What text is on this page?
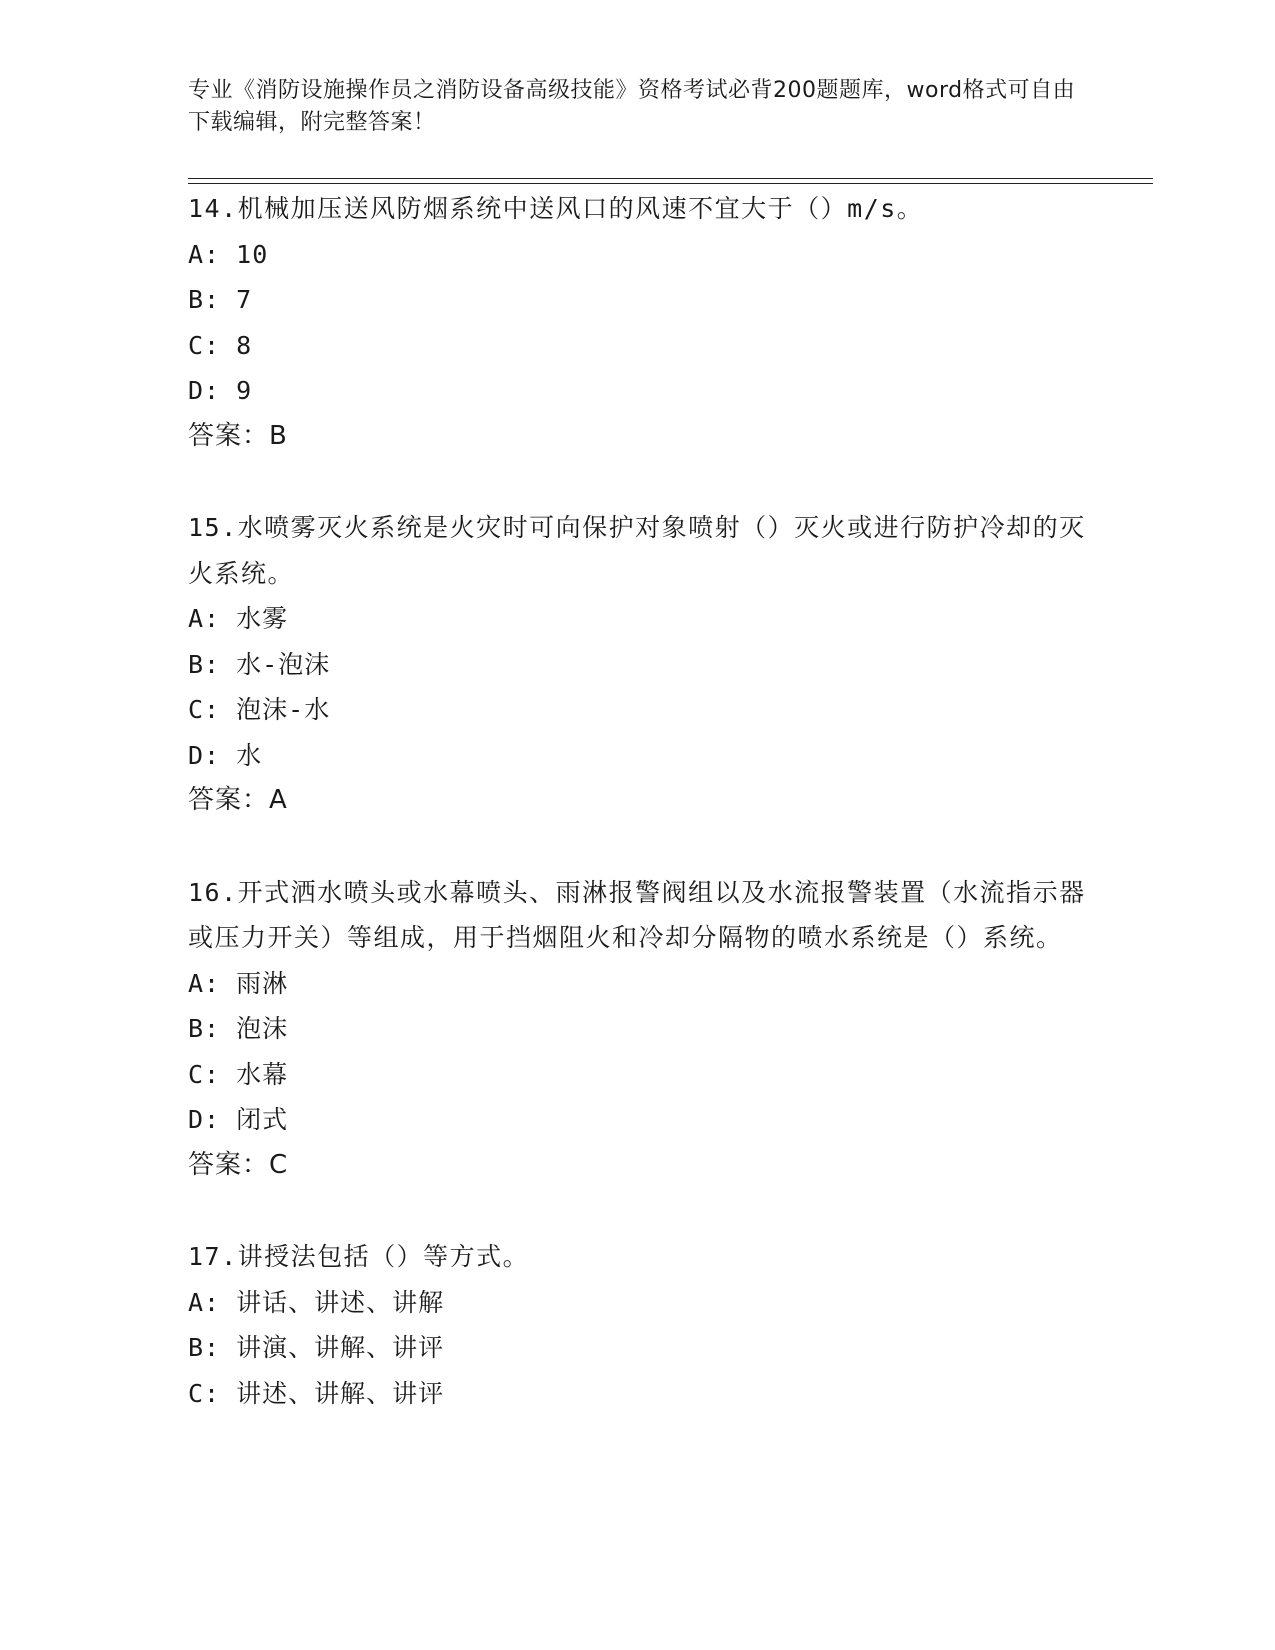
专业《消防设施操作员之消防设备高级技能》资格考试必背200题题库，word格式可自由下载编辑，附完整答案！
14.机械加压送风防烟系统中送风口的风速不宜大于（）m/s。
A: 10
B: 7
C: 8
D: 9
答案：B
15.水喷雾灭火系统是火灾时可向保护对象喷射（）灭火或进行防护冷却的灭火系统。
A: 水雾
B: 水-泡沫
C: 泡沫-水
D: 水
答案：A
16.开式洒水喷头或水幕喷头、雨淋报警阀组以及水流报警装置（水流指示器或压力开关）等组成，用于挡烟阻火和冷却分隔物的喷水系统是（）系统。
A: 雨淋
B: 泡沫
C: 水幕
D: 闭式
答案：C
17.讲授法包括（）等方式。
A: 讲话、讲述、讲解
B: 讲演、讲解、讲评
C: 讲述、讲解、讲评
